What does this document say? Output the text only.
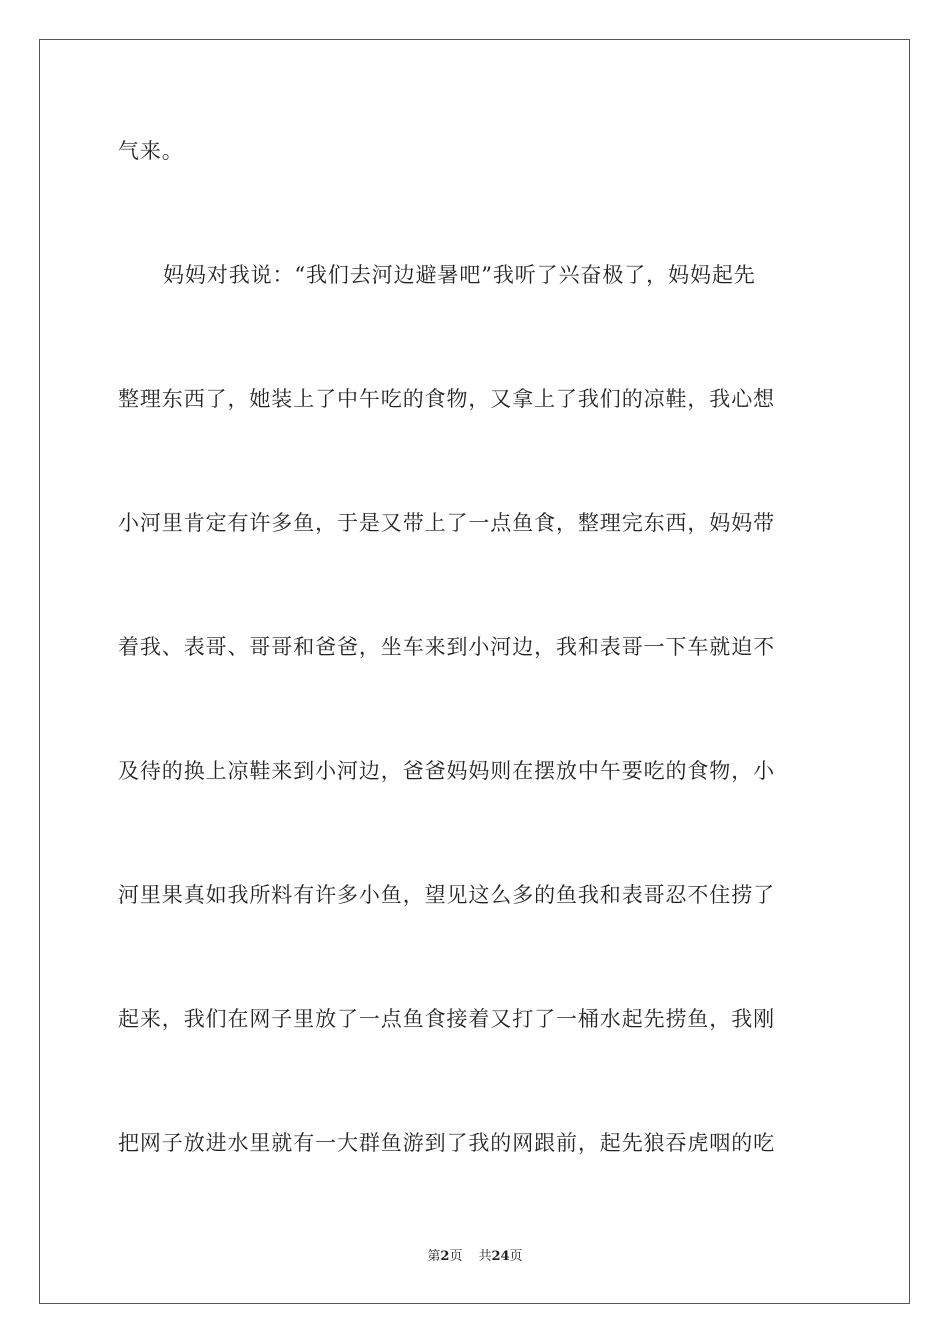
气来。
妈妈对我说：“我们去河边避暑吧”我听了兴奋极了，妈妈起先
整理东西了，她装上了中午吃的食物，又拿上了我们的凉鞋，我心想
小河里肯定有许多鱼，于是又带上了一点鱼食，整理完东西，妈妈带
着我、表哥、哥哥和爸爸，坐车来到小河边，我和表哥一下车就迫不
及待的换上凉鞋来到小河边，爸爸妈妈则在摆放中午要吃的食物，小
河里果真如我所料有许多小鱼，望见这么多的鱼我和表哥忍不住捞了
起来，我们在网子里放了一点鱼食接着又打了一桶水起先捞鱼，我刚
把网子放进水里就有一大群鱼游到了我的网跟前，起先狼吞虎咽的吃
第2页 共24页
